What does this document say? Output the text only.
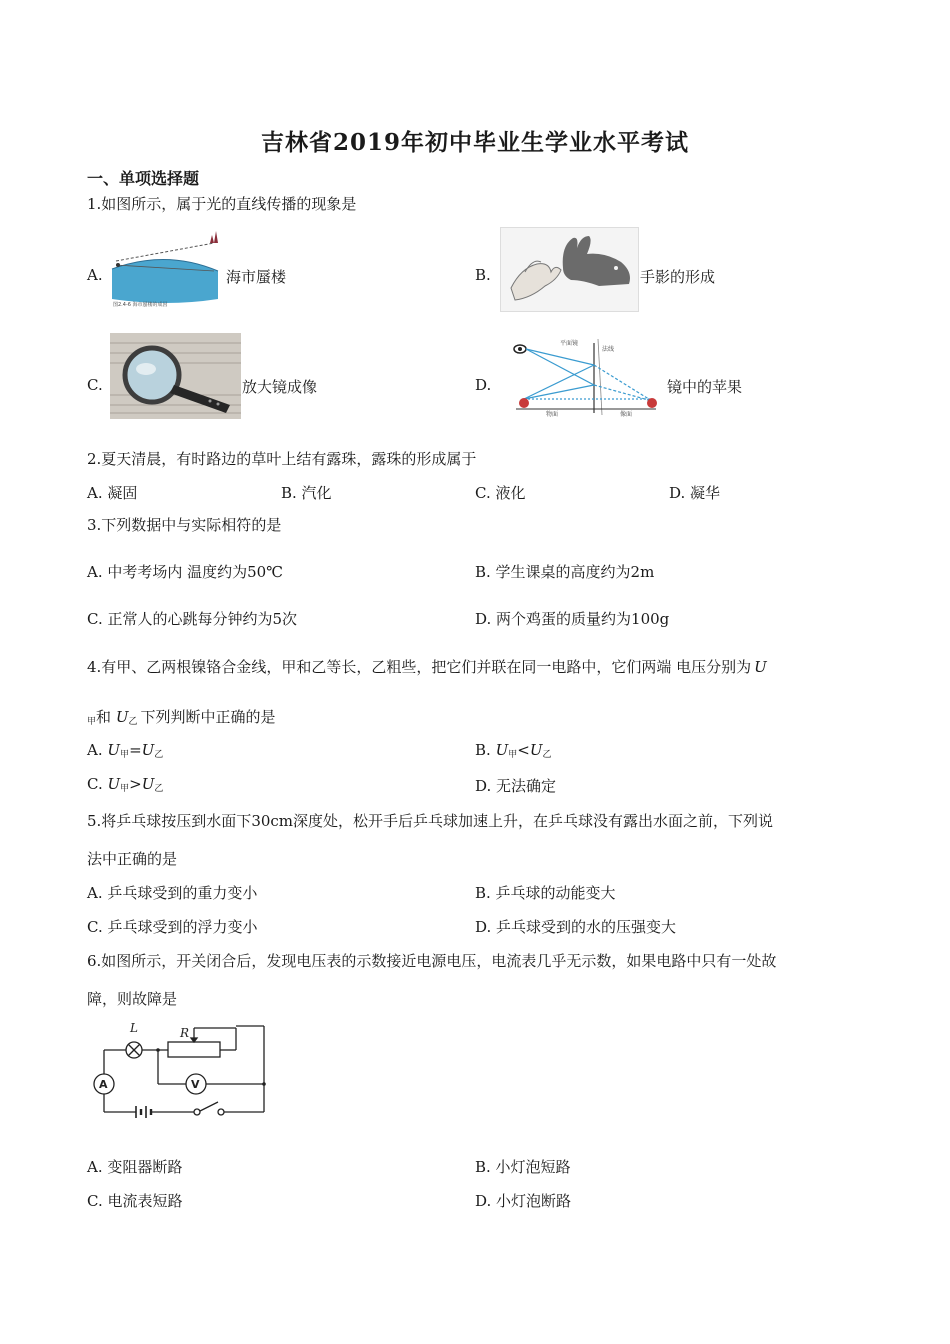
吉林省2019年初中毕业生学业水平考试
一、单项选择题
1.如图所示，属于光的直线传播的现象是
A.
图2.4-6 海市蜃楼的成因
海市蜃楼	B.	手影的形成
C.	放大镜成像	D.
平面镜
法线
物面	像面
镜中的苹果
2.夏天清晨，有时路边的草叶上结有露珠，露珠的形成属于
A. 凝固	B. 汽化	C. 液化	D. 凝华
3.下列数据中与实际相符的是
A. 中考考场内 温度约为50℃	B. 学生课桌的高度约为2m
C. 正常人的心跳每分钟约为5次	D. 两个鸡蛋的质量约为100g
4.有甲、乙两根镍铬合金线，甲和乙等长，乙粗些，把它们并联在同一电路中，它们两端 电压分别为 U
$_甲$和 $U_乙$ 下列判断中正确的是
A. $U_甲=U_乙$	B. $U_甲<U_乙$
C. $U_甲>U_乙$	D. 无法确定
5.将乒乓球按压到水面下30cm深度处，松开手后乒乓球加速上升，在乒乓球没有露出水面之前，下列说
法中正确的是
A. 乒乓球受到的重力变小	B. 乒乓球的动能变大
C. 乒乓球受到的浮力变小	D. 乒乓球受到的水的压强变大
6.如图所示，开关闭合后，发现电压表的示数接近电源电压，电流表几乎无示数，如果电路中只有一处故
障，则故障是
L	R
A	V
A. 变阻器断路	B. 小灯泡短路
C. 电流表短路	D. 小灯泡断路
